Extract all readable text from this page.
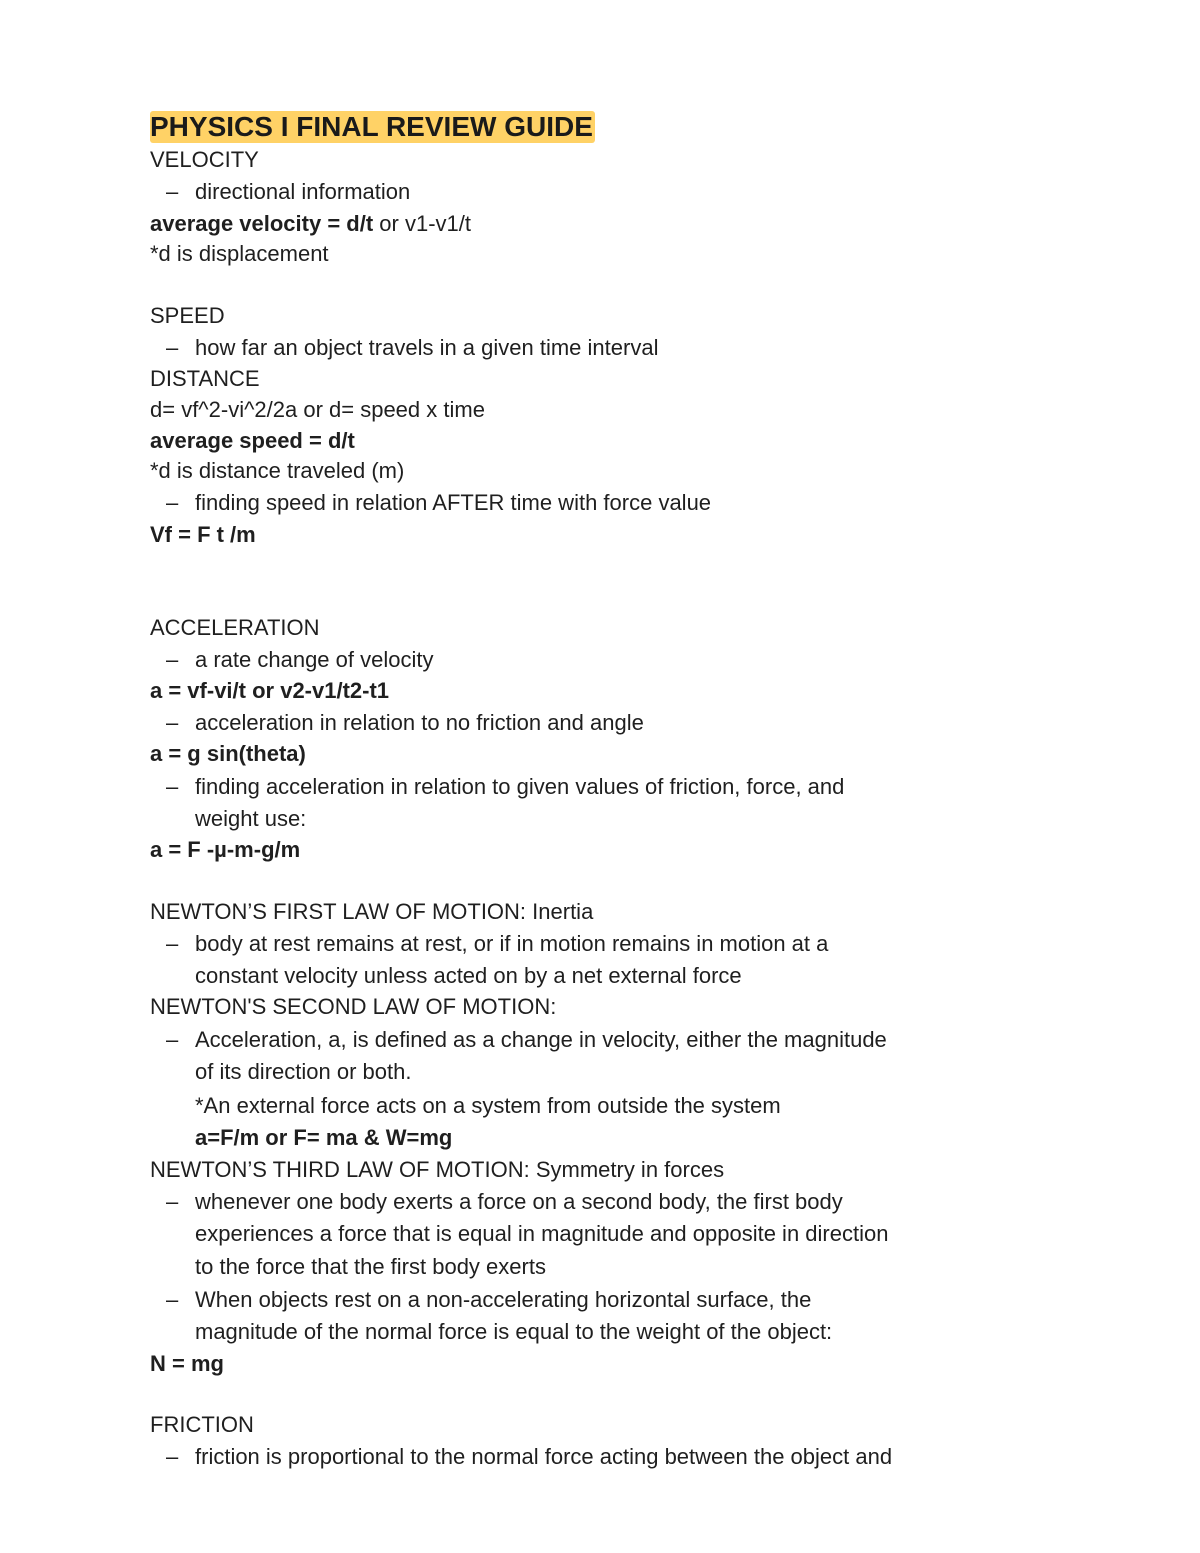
PHYSICS I FINAL REVIEW GUIDE
VELOCITY
– directional information
average velocity = d/t or v1-v1/t
*d is displacement
SPEED
– how far an object travels in a given time interval
DISTANCE
d= vf^2-vi^2/2a or d= speed x time
average speed = d/t
*d is distance traveled (m)
– finding speed in relation AFTER time with force value
Vf = F t /m
ACCELERATION
– a rate change of velocity
a = vf-vi/t or v2-v1/t2-t1
– acceleration in relation to no friction and angle
a = g sin(theta)
– finding acceleration in relation to given values of friction, force, and
weight use:
a = F -µ-m-g/m
NEWTON’S FIRST LAW OF MOTION: Inertia
– body at rest remains at rest, or if in motion remains in motion at a
constant velocity unless acted on by a net external force
NEWTON'S SECOND LAW OF MOTION:
– Acceleration, a, is defined as a change in velocity, either the magnitude
of its direction or both.
*An external force acts on a system from outside the system
a=F/m or F= ma & W=mg
NEWTON’S THIRD LAW OF MOTION: Symmetry in forces
– whenever one body exerts a force on a second body, the first body
experiences a force that is equal in magnitude and opposite in direction
to the force that the first body exerts
– When objects rest on a non-accelerating horizontal surface, the
magnitude of the normal force is equal to the weight of the object:
N = mg
FRICTION
– friction is proportional to the normal force acting between the object and
